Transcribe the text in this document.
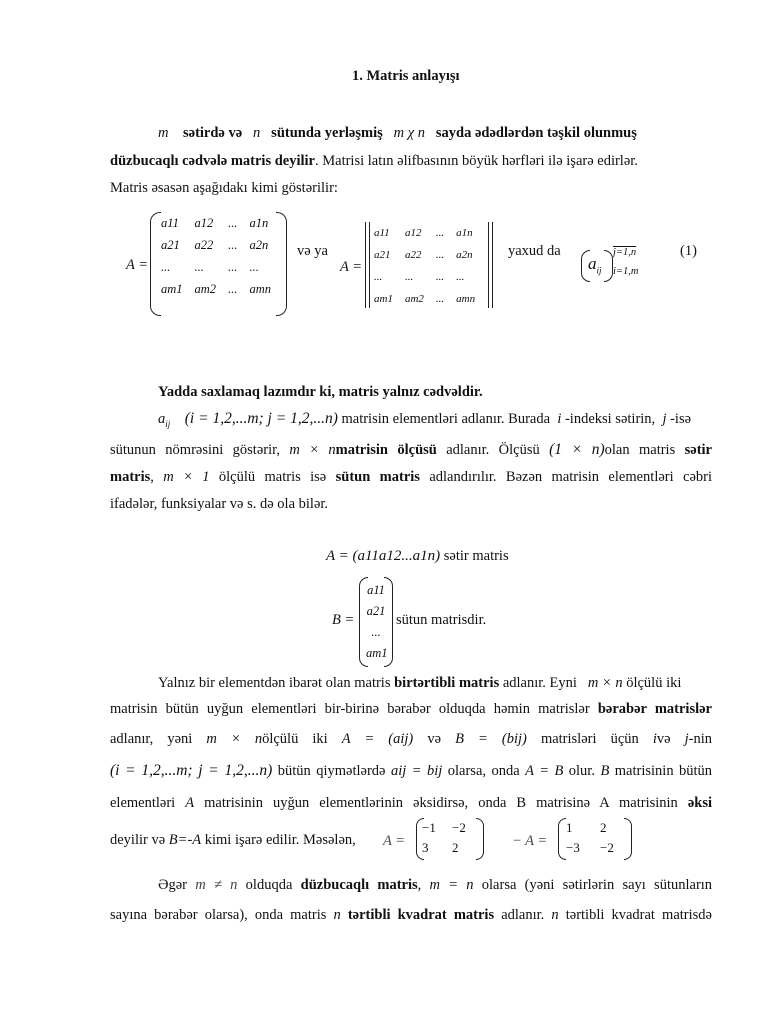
1. Matris anlayışı
m sətirdə və n sütunda yerləşmiş m χ n sayda ədədlərdən təşkil olunmuş
düzbucaqlı cədvələ matris deyilir. Matrisi latın əlifbasının böyük hərfləri ilə işarə edirlər.
Matris əsasən aşağıdakı kimi göstərilir:
A =
a11	a12	...	a1n
a21	a22	...	a2n
...	...	...	...
am1	am2	...	amn
və ya
A =
a11	a12	...	a1n
a21	a22	...	a2n
...	...	...	...
am1	am2	...	amn
yaxud da
$a_{ij}$
j=1,n
i=1,m
(1)
Yadda saxlamaq lazımdır ki, matris yalnız cədvəldir.
$a_{ij}$ (i = 1,2,...m; j = 1,2,...n) matrisin elementləri adlanır. Burada i -indeksi sətirin, j -isə
sütunun nömrəsini göstərir, m × nmatrisin ölçüsü adlanır. Ölçüsü (1 × n)olan matris sətir
matris, m × 1 ölçülü matris isə sütun matris adlandırılır. Bəzən matrisin elementləri cəbri
ifadələr, funksiyalar və s. də ola bilər.
A = (a11a12...a1n) sətir matris
B =
a11
a21
...
am1
sütun matrisdir.
Yalnız bir elementdən ibarət olan matris birtərtibli matris adlanır. Eyni m × n ölçülü iki
matrisin bütün uyğun elementləri bir-birinə bərabər olduqda həmin matrislər bərabər matrislər
adlanır, yəni m × nölçülü iki A = (aij) və B = (bij) matrisləri üçün ivə j-nin
(i = 1,2,...m; j = 1,2,...n) bütün qiymətlərdə aij = bij olarsa, onda A = B olur. B matrisinin bütün
elementləri A matrisinin uyğun elementlərinin əksidirsə, onda B matrisinə A matrisinin əksi
deyilir və B=-A kimi işarə edilir. Məsələn, A =
−1 −2
3 2	− A =
1 2
−3 −2
Əgər m ≠ n olduqda düzbucaqlı matris, m = n olarsa (yəni sətirlərin sayı sütunların
sayına bərabər olarsa), onda matris n tərtibli kvadrat matris adlanır. n tərtibli kvadrat matrisdə
